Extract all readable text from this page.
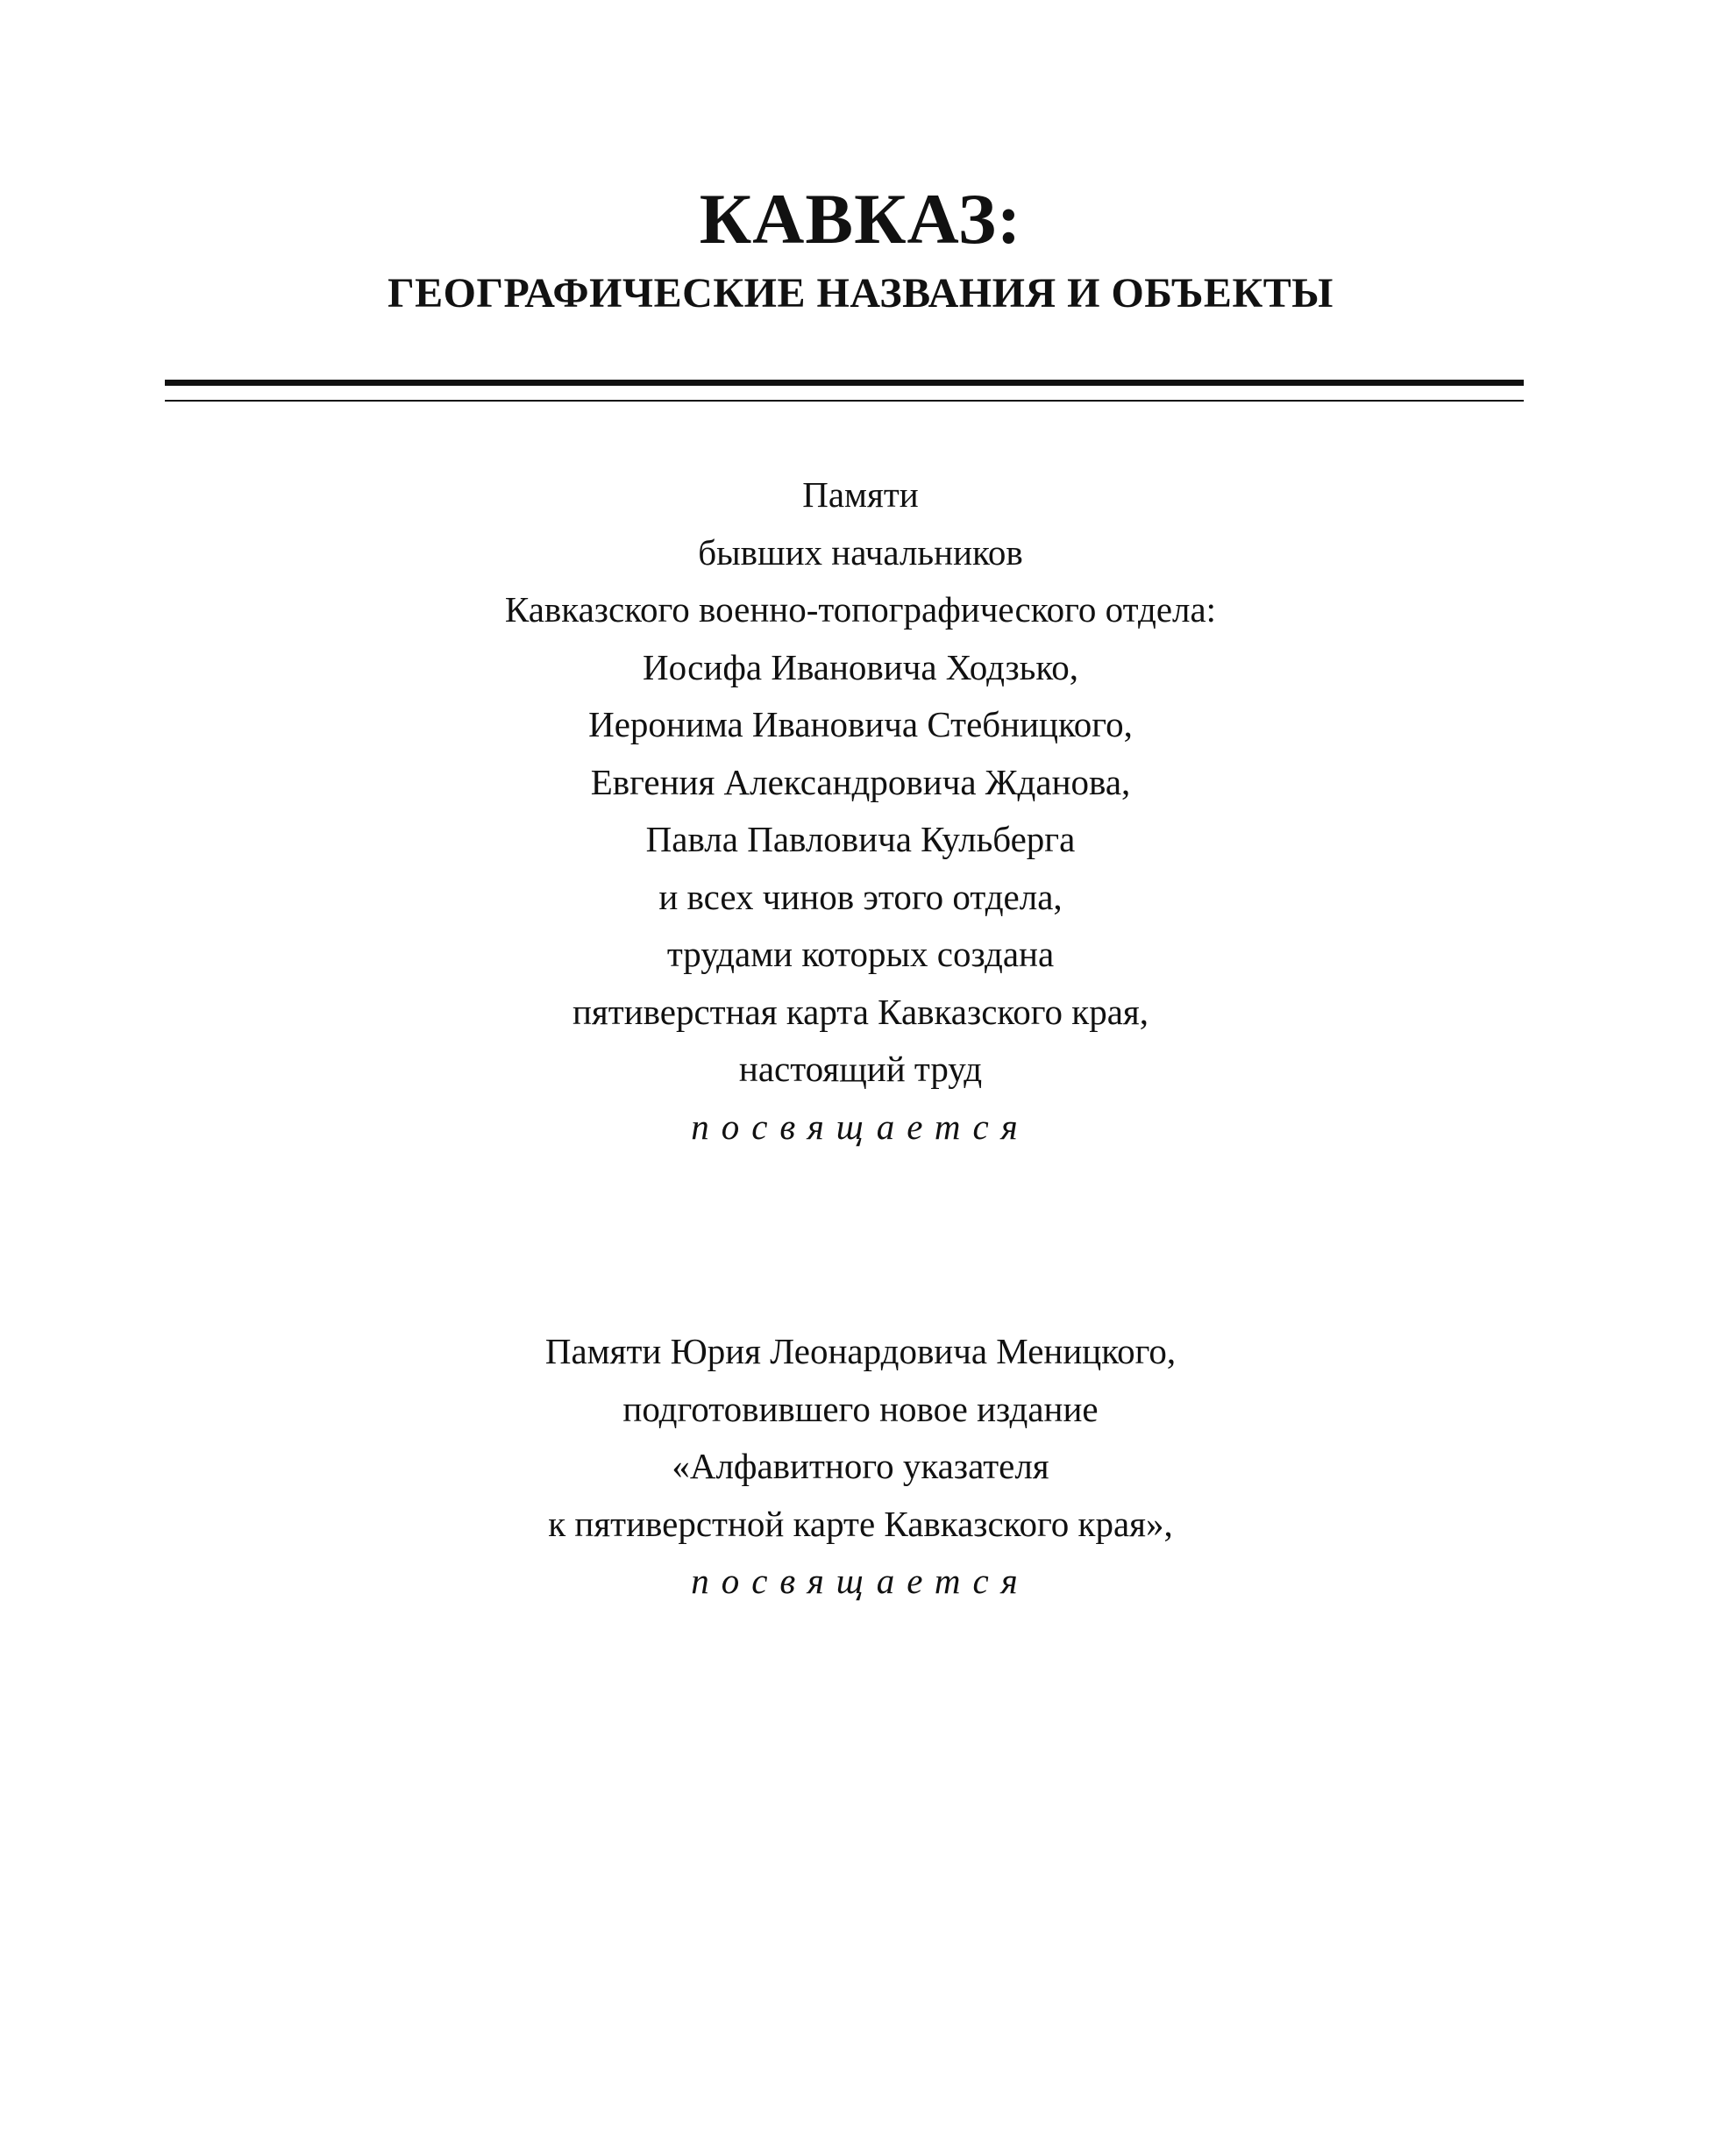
КАВКАЗ:
ГЕОГРАФИЧЕСКИЕ НАЗВАНИЯ И ОБЪЕКТЫ
Памяти
бывших начальников
Кавказского военно-топографического отдела:
Иосифа Ивановича Ходзько,
Иеронима Ивановича Стебницкого,
Евгения Александровича Жданова,
Павла Павловича Кульберга
и всех чинов этого отдела,
трудами которых создана
пятиверстная карта Кавказского края,
настоящий труд
посвящается
Памяти Юрия Леонардовича Меницкого,
подготовившего новое издание
«Алфавитного указателя
к пятиверстной карте Кавказского края»,
посвящается
